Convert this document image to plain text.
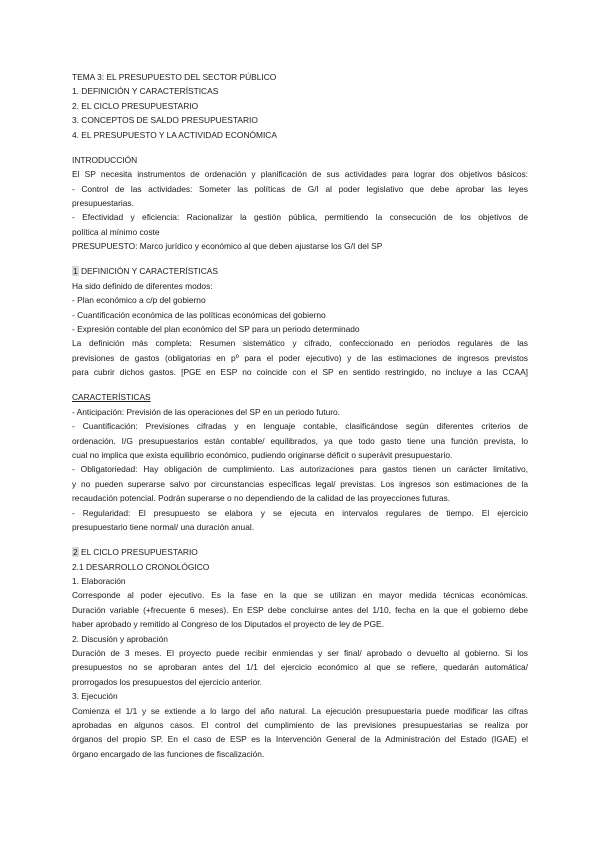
TEMA 3: EL PRESUPUESTO DEL SECTOR PÚBLICO

1. DEFINICIÓN Y CARACTERÍSTICAS

2. EL CICLO PRESUPUESTARIO

3. CONCEPTOS DE SALDO PRESUPUESTARIO

4. EL PRESUPUESTO Y LA ACTIVIDAD ECONÓMICA

INTRODUCCIÓN

El SP necesita instrumentos de ordenación y planificación de sus actividades para lograr dos objetivos básicos:

- Control de las actividades: Someter las políticas de G/I al poder legislativo que debe aprobar las leyes

presupuestarias.

- Efectividad y eficiencia: Racionalizar la gestión pública, permitiendo la consecución de los objetivos de

política al mínimo coste

PRESUPUESTO: Marco jurídico y económico al que deben ajustarse los G/I del SP

1 DEFINICIÓN Y CARACTERÍSTICAS

Ha sido definido de diferentes modos:

- Plan económico a c/p del gobierno

- Cuantificación económica de las políticas económicas del gobierno

- Expresión contable del plan económico del SP para un periodo determinado

La definición más completa: Resumen sistemático y cifrado, confeccionado en periodos regulares de las

previsiones de gastos (obligatorias en pº para el poder ejecutivo) y de las estimaciones de ingresos previstos

para cubrir dichos gastos. [PGE en ESP no coincide con el SP en sentido restringido, no incluye a las CCAA]

CARACTERÍSTICAS

- Anticipación: Previsión de las operaciones del SP en un periodo futuro.

- Cuantificación: Previsiones cifradas y en lenguaje contable, clasificándose según diferentes criterios de

ordenación. I/G presupuestarios están contable/ equilibrados, ya que todo gasto tiene una función prevista, lo

cual no implica que exista equilibrio económico, pudiendo originarse déficit o superávit presupuestario.

- Obligatoriedad: Hay obligación de cumplimiento. Las autorizaciones para gastos tienen un carácter limitativo,

y no pueden superarse salvo por circunstancias específicas legal/ previstas. Los ingresos son estimaciones de la

recaudación potencial. Podrán superarse o no dependiendo de la calidad de las proyecciones futuras.

- Regularidad: El presupuesto se elabora y se ejecuta en intervalos regulares de tiempo. El ejercicio

presupuestario tiene normal/ una duración anual.

2 EL CICLO PRESUPUESTARIO

2.1 DESARROLLO CRONOLÓGICO

1. Elaboración

Corresponde al poder ejecutivo. Es la fase en la que se utilizan en mayor medida técnicas económicas.

Duración variable (+frecuente 6 meses). En ESP debe concluirse antes del 1/10, fecha en la que el gobierno debe

haber aprobado y remitido al Congreso de los Diputados el proyecto de ley de PGE.

2. Discusión y aprobación

Duración de 3 meses. El proyecto puede recibir enmiendas y ser final/ aprobado o devuelto al gobierno. Si los

presupuestos no se aprobaran antes del 1/1 del ejercicio económico al que se refiere, quedarán automática/

prorrogados los presupuestos del ejercicio anterior.

3. Ejecución

Comienza el 1/1 y se extiende a lo largo del año natural. La ejecución presupuestaria puede modificar las cifras

aprobadas en algunos casos. El control del cumplimiento de las previsiones presupuestarias se realiza por

órganos del propio SP. En el caso de ESP es la Intervención General de la Administración del Estado (IGAE) el

órgano encargado de las funciones de fiscalización.
